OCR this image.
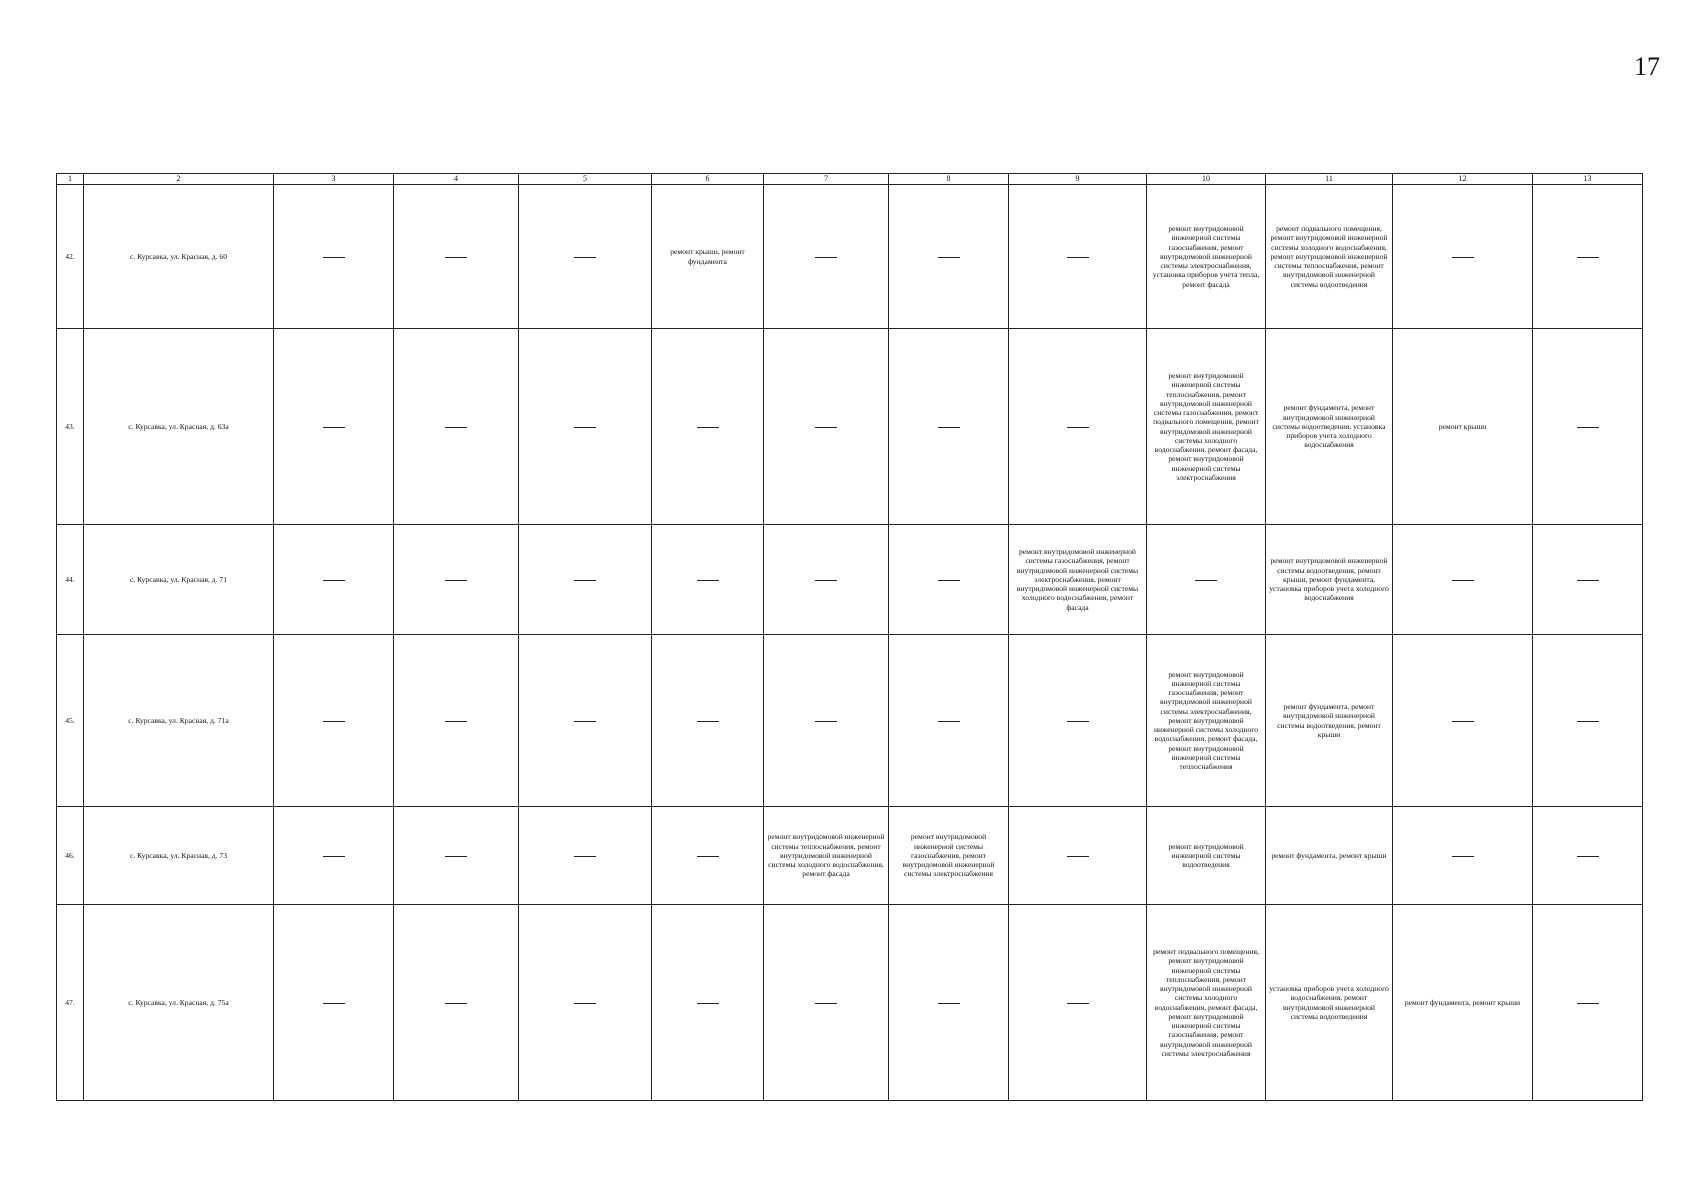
17
1	2	3	4	5	6	7	8	9	10	11	12	13
42.	с. Курсавка, ул. Красная, д. 60				ремонт крыши, ремонт фундамента				ремонт внутридомовой инженерной системы газоснабжения, ремонт внутридомовой инженерной системы электроснабжения, установка приборов учета тепла, ремонт фасада	ремонт подвального помещения, ремонт внутридомовой инженерной системы холодного водоснабжения, ремонт внутридомовой инженерной системы теплоснабжения, ремонт внутридомовой инженерной системы водоотведения		
43.	с. Курсавка, ул. Красная, д. 63а								ремонт внутридомовой инженерной системы теплоснабжения, ремонт внутридомовой инженерной системы газоснабжения, ремонт подвального помещения, ремонт внутридомовой инженерной системы холодного водоснабжения, ремонт фасада, ремонт внутридомовой инженерной системы электроснабжения	ремонт фундамента, ремонт внутридомовой инженерной системы водоотведения, установка приборов учета холодного водоснабжения	ремонт крыши	
44.	с. Курсавка, ул. Красная, д. 71							ремонт внутридомовой инженерной системы газоснабжения, ремонт внутридомовой инженерной системы электроснабжения, ремонт внутридомовой инженерной системы холодного водоснабжения, ремонт фасада		ремонт внутридомовой инженерной системы водоотведения, ремонт крыши, ремонт фундамента, установка приборов учета холодного водоснабжения		
45.	с. Курсавка, ул. Красная, д. 71а								ремонт внутридомовой инженерной системы газоснабжения, ремонт внутридомовой инженерной системы электроснабжения, ремонт внутридомовой инженерной системы холодного водоснабжения, ремонт фасада, ремонт внутридомовой инженерной системы теплоснабжения	ремонт фундамента, ремонт внутридомовой инженерной системы водоотведения, ремонт крыши		
46.	с. Курсавка, ул. Красная, д. 73					ремонт внутридомовой инженерной системы теплоснабжения, ремонт внутридомовой инженерной системы холодного водоснабжения, ремонт фасада	ремонт внутридомовой инженерной системы газоснабжения, ремонт внутридомовой инженерной системы электроснабжения		ремонт внутридомовой инженерной системы водоотведения	ремонт фундамента, ремонт крыши		
47.	с. Курсавка, ул. Красная, д. 75а								ремонт подвального помещения, ремонт внутридомовой инженерной системы теплоснабжения, ремонт внутридомовой инженерной системы холодного водоснабжения, ремонт фасада, ремонт внутридомовой инженерной системы газоснабжения, ремонт внутридомовой инженерной системы электроснабжения	установка приборов учета холодного водоснабжения, ремонт внутридомовой инженерной системы водоотведения	ремонт фундамента, ремонт крыши	
